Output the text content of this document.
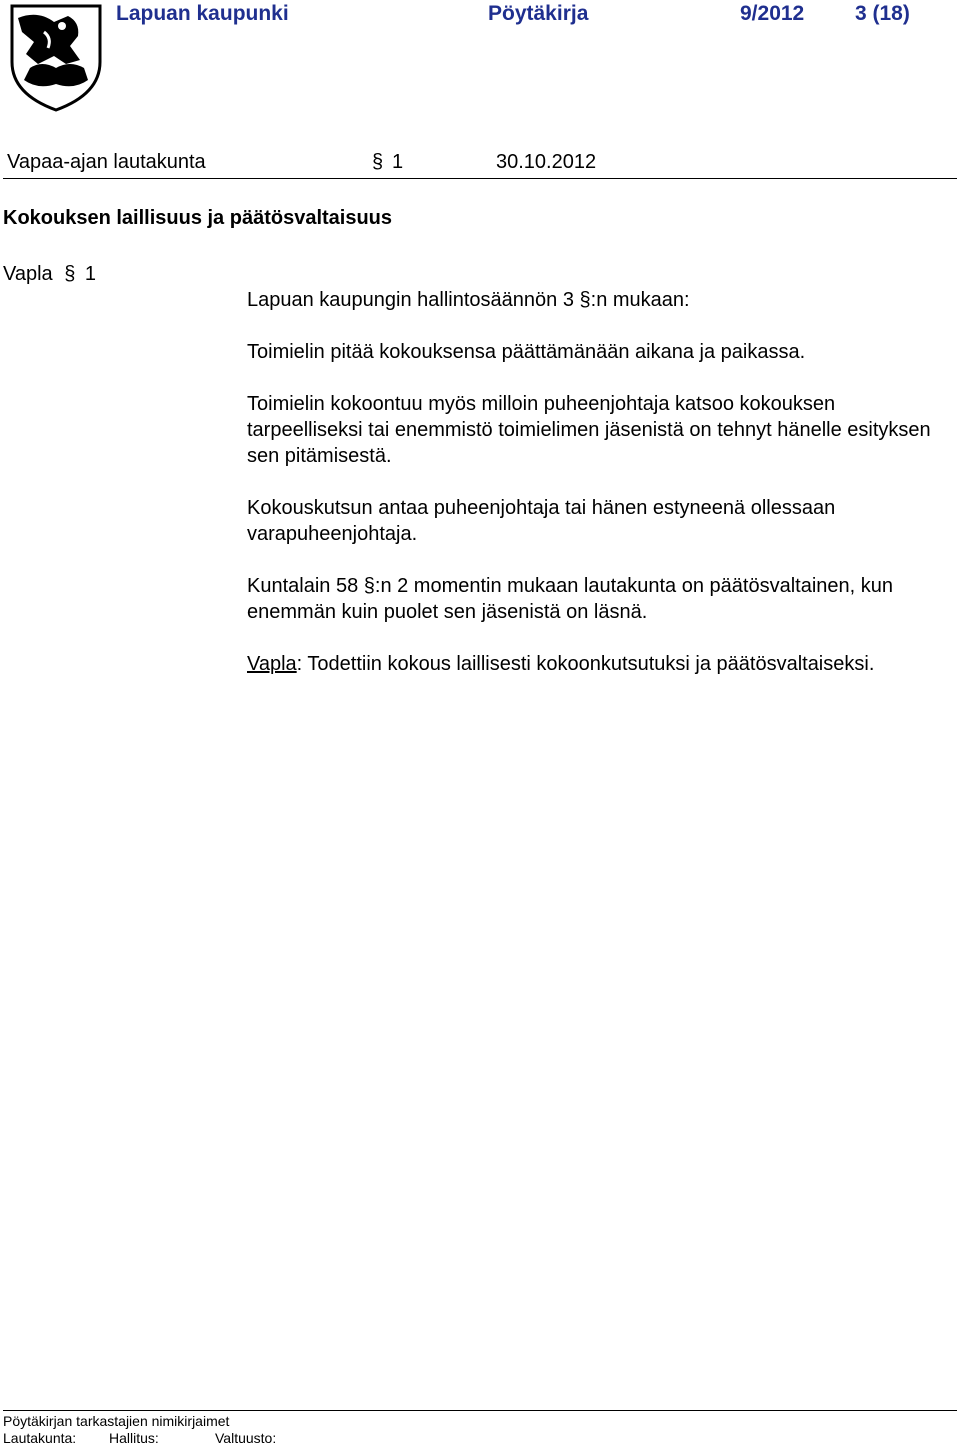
Lapuan kaupunki	Pöytäkirja	9/2012 3 (18)
Vapaa-ajan lautakunta	§ 1	30.10.2012
Kokouksen laillisuus ja päätösvaltaisuus
Vapla § 1
Lapuan kaupungin hallintosäännön 3 §:n mukaan:
Toimielin pitää kokouksensa päättämänään aikana ja paikassa.
Toimielin kokoontuu myös milloin puheenjohtaja katsoo kokouksen tarpeelliseksi tai enemmistö toimielimen jäsenistä on tehnyt hänelle esityksen sen pitämisestä.
Kokouskutsun antaa puheenjohtaja tai hänen estyneenä ollessaan varapuheenjohtaja.
Kuntalain 58 §:n 2 momentin mukaan lautakunta on päätösvaltainen, kun enemmän kuin puolet sen jäsenistä on läsnä.
Vapla: Todettiin kokous laillisesti kokoonkutsutuksi ja päätösvaltaiseksi.
Pöytäkirjan tarkastajien nimikirjaimet
Lautakunta: Hallitus:	Valtuusto:
